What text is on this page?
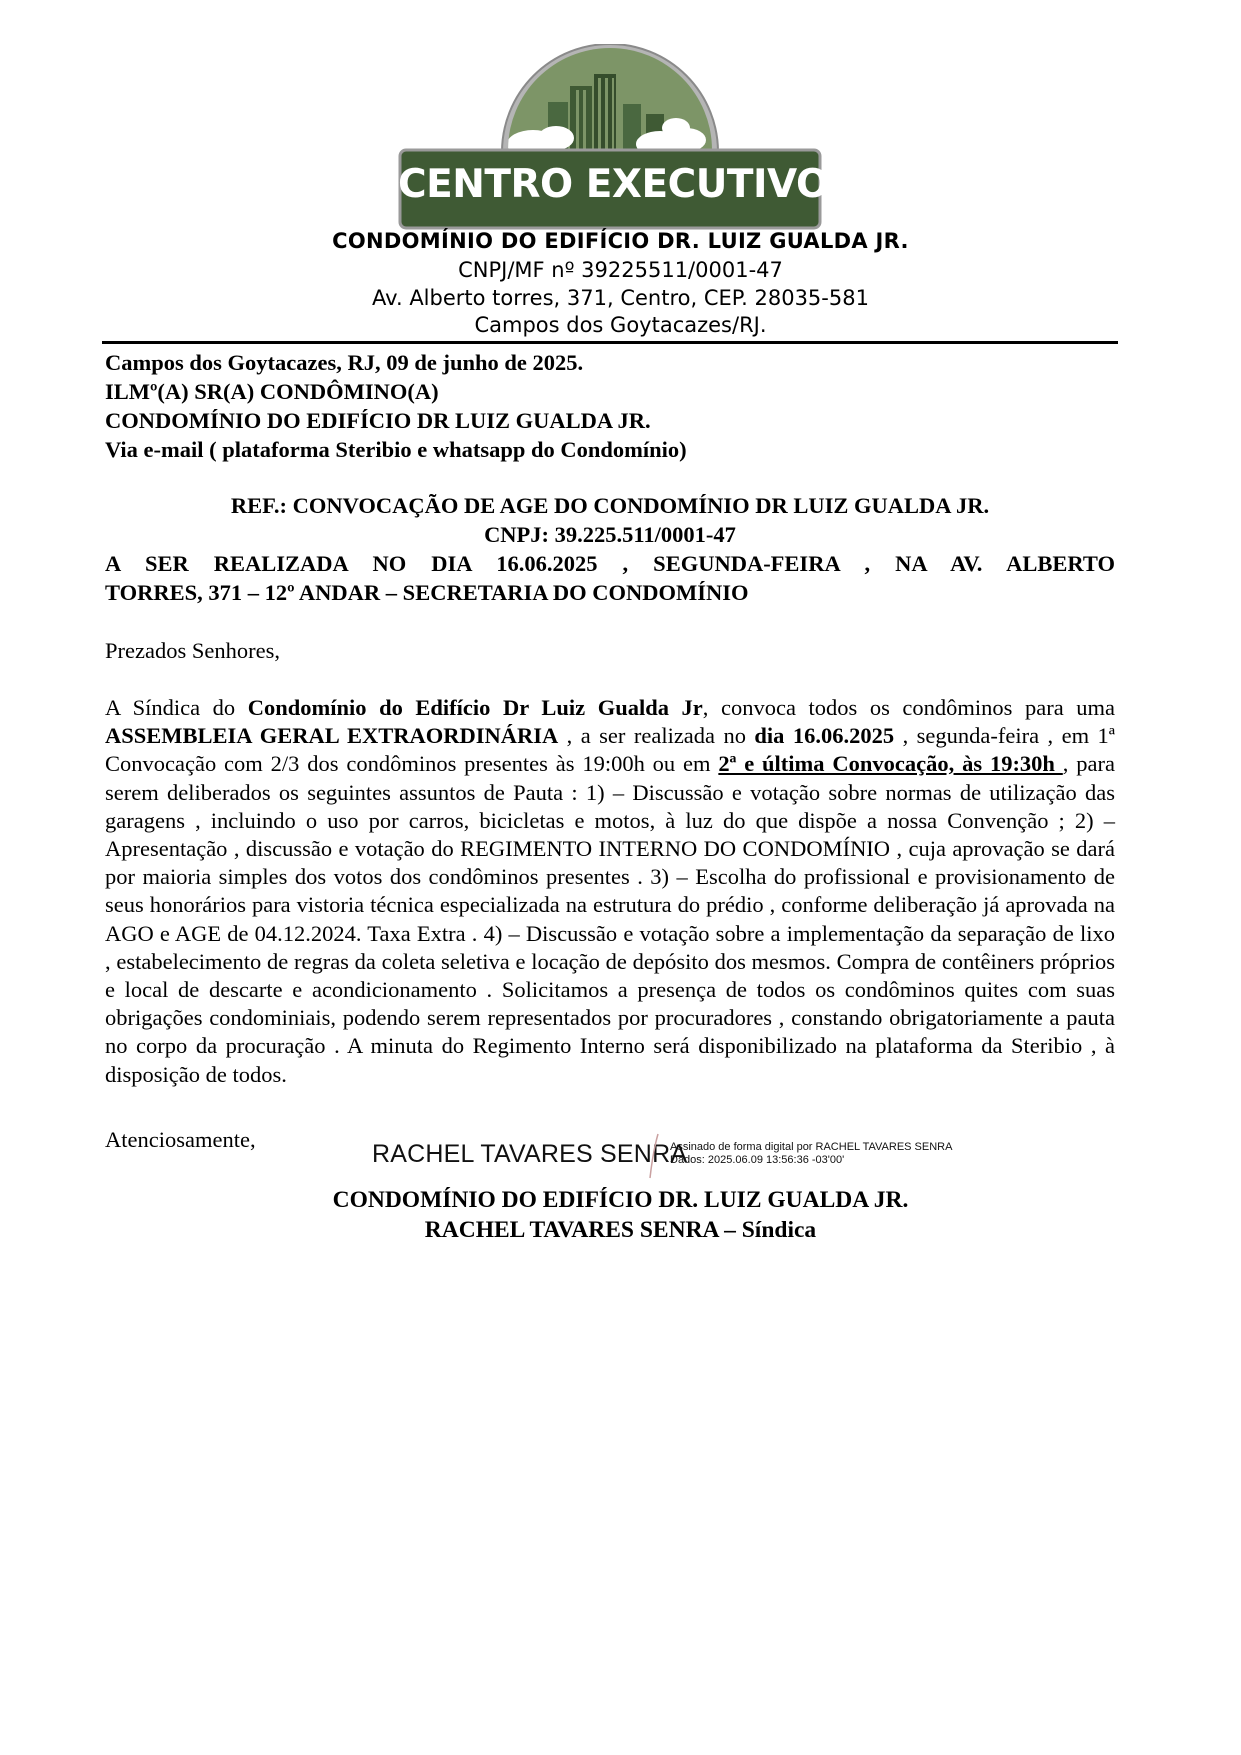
CENTRO EXECUTIVO
CONDOMÍNIO DO EDIFÍCIO DR. LUIZ GUALDA JR.
CNPJ/MF nº 39225511/0001-47
Av. Alberto torres, 371, Centro, CEP. 28035-581
Campos dos Goytacazes/RJ.
Campos dos Goytacazes, RJ, 09 de junho de 2025.
ILMº(A) SR(A) CONDÔMINO(A)
CONDOMÍNIO DO EDIFÍCIO DR LUIZ GUALDA JR.
Via e-mail ( plataforma Steribio e whatsapp do Condomínio)
REF.: CONVOCAÇÃO DE AGE DO CONDOMÍNIO DR LUIZ GUALDA JR.
CNPJ: 39.225.511/0001-47
A SER REALIZADA NO DIA 16.06.2025 , SEGUNDA-FEIRA , NA AV. ALBERTO
TORRES, 371 – 12º ANDAR – SECRETARIA DO CONDOMÍNIO
Prezados Senhores,
A Síndica do Condomínio do Edifício Dr Luiz Gualda Jr, convoca todos os condôminos para uma ASSEMBLEIA GERAL EXTRAORDINÁRIA , a ser realizada no dia 16.06.2025 , segunda-feira , em 1ª Convocação com 2/3 dos condôminos presentes às 19:00h ou em 2ª e última Convocação, às 19:30h , para serem deliberados os seguintes assuntos de Pauta : 1) – Discussão e votação sobre normas de utilização das garagens , incluindo o uso por carros, bicicletas e motos, à luz do que dispõe a nossa Convenção ; 2) – Apresentação , discussão e votação do REGIMENTO INTERNO DO CONDOMÍNIO , cuja aprovação se dará por maioria simples dos votos dos condôminos presentes . 3) – Escolha do profissional e provisionamento de seus honorários para vistoria técnica especializada na estrutura do prédio , conforme deliberação já aprovada na AGO e AGE de 04.12.2024. Taxa Extra . 4) – Discussão e votação sobre a implementação da separação de lixo , estabelecimento de regras da coleta seletiva e locação de depósito dos mesmos. Compra de contêiners próprios e local de descarte e acondicionamento . Solicitamos a presença de todos os condôminos quites com suas obrigações condominiais, podendo serem representados por procuradores , constando obrigatoriamente a pauta no corpo da procuração . A minuta do Regimento Interno será disponibilizado na plataforma da Steribio , à disposição de todos.
Atenciosamente,
RACHEL TAVARES SENRA
Assinado de forma digital por RACHEL TAVARES SENRA
Dados: 2025.06.09 13:56:36 -03'00'
CONDOMÍNIO DO EDIFÍCIO DR. LUIZ GUALDA JR.
RACHEL TAVARES SENRA – Síndica
